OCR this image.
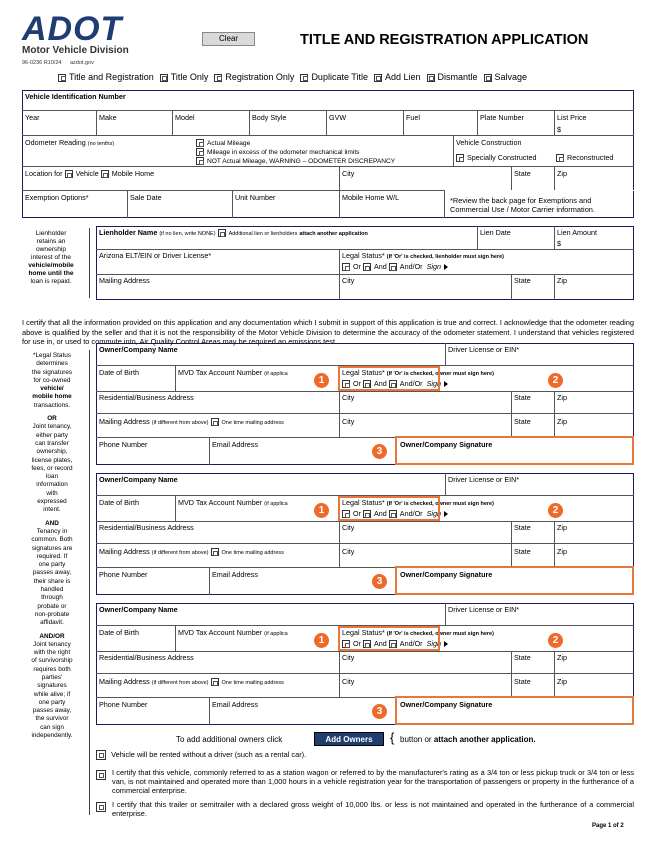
ADOT
Motor Vehicle Division
96-0236 R10/24 azdot.gov
Clear	TITLE AND REGISTRATION APPLICATION
Title and Registration	Title Only	Registration Only	Duplicate Title	Add Lien	Dismantle	Salvage
Vehicle Identification Number
Year	Make	Model	Body Style	GVW	Fuel	Plate Number	List Price
$
Odometer Reading (no tenths)	Actual Mileage
Mileage in excess of the odometer mechanical limits
NOT Actual Mileage, WARNING – ODOMETER DISCREPANCY
Vehicle Construction
Specially Constructed	Reconstructed
Location for Vehicle Mobile Home	City	State	Zip
Exemption Options*	Sale Date	Unit Number	Mobile Home W/L	*Review the back page for Exemptions and Commercial Use / Motor Carrier information.
Lienholder
retains an
ownership
interest of the
vehicle/mobile
home until the
loan is repaid.
Lienholder Name (if no lien, write NONE) Additional lien or lienholders attach another application	Lien Date	Lien Amount
$
Arizona ELT/EIN or Driver License*	Legal Status* (If 'Or' is checked, lienholder must sign here)
Or And And/Or Sign
Mailing Address	City	State	Zip
I certify that all the information provided on this application and any documentation which I submit in support of this application is true and correct. I acknowledge that the odometer reading above is qualified by the seller and that it is not the responsibility of the Motor Vehicle Division to determine the accuracy of the odometer statement. I understand that vehicles registered for use in, or used to commute into, Air Quality Control Areas may be required an emissions test.
*Legal Status
determines
the signatures
for co-owned
vehicle/
mobile home
transactions.
OR
Joint tenancy,
either party
can transfer
ownership,
license plates,
fees, or record
loan
information
with
expressed
intent.
AND
Tenancy in
common. Both
signatures are
required. If
one party
passes away,
their share is
handled
through
probate or
non-probate
affidavit.
AND/OR
Joint tenancy
with the right
of survivorship
requires both
parties'
signatures
while alive; if
one party
passes away,
the survivor
can sign
independently.
Owner/Company Name	Driver License or EIN*
Date of Birth	MVD Tax Account Number (if applica	Legal Status* (If 'Or' is checked, owner must sign here)
Or And And/Or Sign
Residential/Business Address	City	State	Zip
Mailing Address (if different from above) One time mailing address	City	State	Zip
Phone Number	Email Address	Owner/Company Signature
1	2
3
Owner/Company Name	Driver License or EIN*
Date of Birth	MVD Tax Account Number (if applica	Legal Status* (If 'Or' is checked, owner must sign here)
Or And And/Or Sign
Residential/Business Address	City	State	Zip
Mailing Address (if different from above) One time mailing address	City	State	Zip
Phone Number	Email Address	Owner/Company Signature
1	2
3
Owner/Company Name	Driver License or EIN*
Date of Birth	MVD Tax Account Number (if applica	Legal Status* (If 'Or' is checked, owner must sign here)
Or And And/Or Sign
Residential/Business Address	City	State	Zip
Mailing Address (if different from above) One time mailing address	City	State	Zip
Phone Number	Email Address	Owner/Company Signature
1	2
3
To add additional owners click	Add Owners	{ button or attach another application.
Vehicle will be rented without a driver (such as a rental car).
I certify that this vehicle, commonly referred to as a station wagon or referred to by the manufacturer's rating as a 3/4 ton or less pickup truck or 3/4 ton or less van, is not maintained and operated more than 1,000 hours in a vehicle registration year for the transportation of passengers or property in the furtherance of a commercial enterprise.
I certify that this trailer or semitrailer with a declared gross weight of 10,000 lbs. or less is not maintained and operated in the furtherance of a commercial enterprise.
Page 1 of 2
